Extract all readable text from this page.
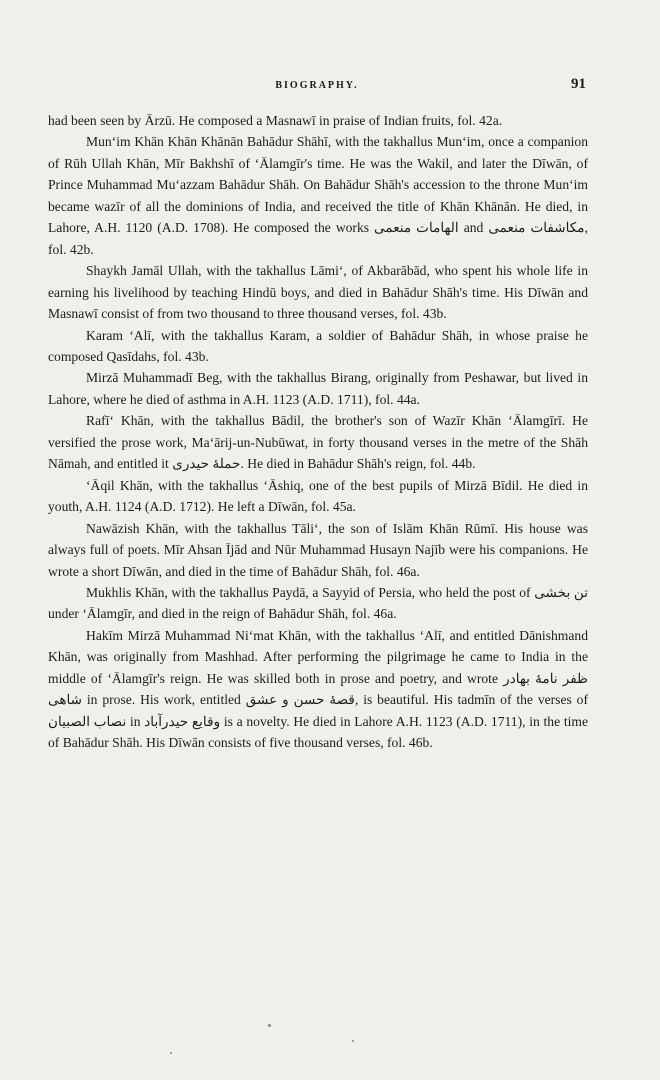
BIOGRAPHY.	91

had been seen by Ārzū. He composed a Masnawī in praise of Indian fruits, fol. 42a.

Mun‘im Khān Khān Khānān Bahādur Shāhī, with the takhallus Mun‘im, once a companion of Rūh Ullah Khān, Mīr Bakhshī of ‘Ālamgīr's time. He was the Wakil, and later the Dīwān, of Prince Muhammad Mu‘azzam Bahādur Shāh. On Bahādur Shāh's accession to the throne Mun‘im became wazīr of all the dominions of India, and received the title of Khān Khānān. He died, in Lahore, A.H. 1120 (A.D. 1708). He composed the works الهامات منعمی and مکاشفات منعمی, fol. 42b.

Shaykh Jamāl Ullah, with the takhallus Lāmi‘, of Akbarābād, who spent his whole life in earning his livelihood by teaching Hindū boys, and died in Bahādur Shāh's time. His Dīwān and Masnawī consist of from two thousand to three thousand verses, fol. 43b.

Karam ‘Alī, with the takhallus Karam, a soldier of Bahādur Shāh, in whose praise he composed Qasīdahs, fol. 43b.

Mirzā Muhammadī Beg, with the takhallus Birang, originally from Peshawar, but lived in Lahore, where he died of asthma in A.H. 1123 (A.D. 1711), fol. 44a.

Rafī‘ Khān, with the takhallus Bādil, the brother's son of Wazīr Khān ‘Ālamgīrī. He versified the prose work, Ma‘ārij-un-Nubūwat, in forty thousand verses in the metre of the Shāh Nāmah, and entitled it حملهٔ حیدری. He died in Bahādur Shāh's reign, fol. 44b.

‘Āqil Khān, with the takhallus ‘Āshiq, one of the best pupils of Mirzā Bīdil. He died in youth, A.H. 1124 (A.D. 1712). He left a Dīwān, fol. 45a.

Nawāzish Khān, with the takhallus Tāli‘, the son of Islām Khān Rūmī. His house was always full of poets. Mīr Ahsan Ījād and Nūr Muhammad Husayn Najīb were his companions. He wrote a short Dīwān, and died in the time of Bahādur Shāh, fol. 46a.

Mukhlis Khān, with the takhallus Paydā, a Sayyid of Persia, who held the post of تن بخشی under ‘Ālamgīr, and died in the reign of Bahādur Shāh, fol. 46a.

Hakīm Mirzā Muhammad Ni‘mat Khān, with the takhallus ‘Alī, and entitled Dānishmand Khān, was originally from Mashhad. After performing the pilgrimage he came to India in the middle of ‘Ālamgīr's reign. He was skilled both in prose and poetry, and wrote ظفر نامهٔ بهادر شاهی in prose. His work, entitled قصهٔ حسن و عشق, is beautiful. His tadmīn of the verses of نصاب الصبیان in وقایع حیدرآباد is a novelty. He died in Lahore A.H. 1123 (A.D. 1711), in the time of Bahādur Shāh. His Dīwān consists of five thousand verses, fol. 46b.
